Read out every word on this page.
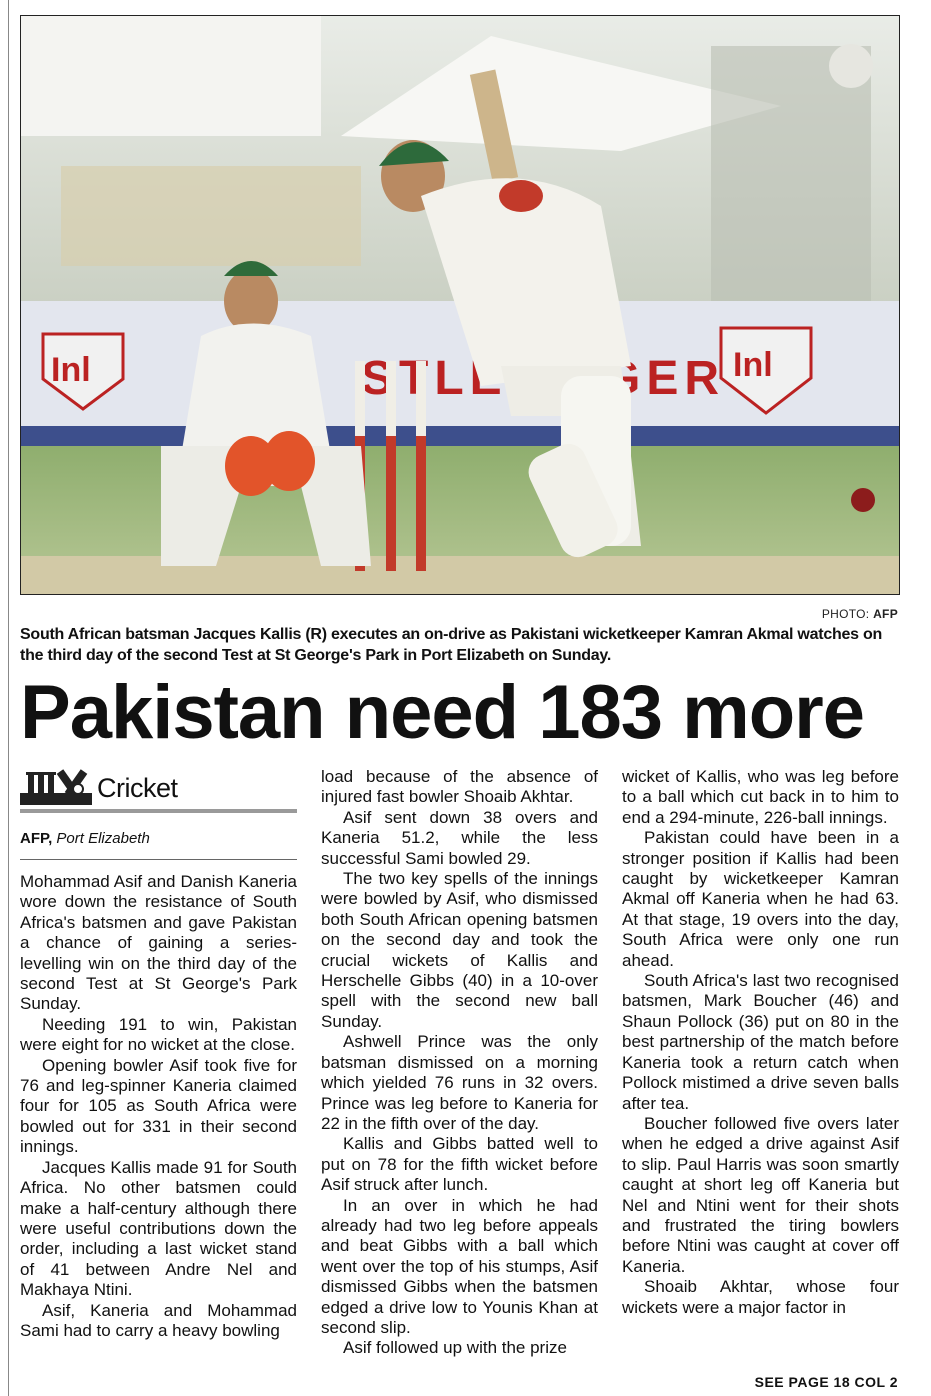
Inl	STLE LAGER Inl
PHOTO: AFP
South African batsman Jacques Kallis (R) executes an on-drive as Pakistani wicketkeeper Kamran Akmal watches on the third day of the second Test at St George's Park in Port Elizabeth on Sunday.
Pakistan need 183 more
Cricket
AFP, Port Elizabeth

Mohammad Asif and Danish Kaneria wore down the resistance of South Africa's batsmen and gave Pakistan a chance of gaining a series-levelling win on the third day of the second Test at St George's Park Sunday.

Needing 191 to win, Pakistan were eight for no wicket at the close.

Opening bowler Asif took five for 76 and leg-spinner Kaneria claimed four for 105 as South Africa were bowled out for 331 in their second innings.

Jacques Kallis made 91 for South Africa. No other batsmen could make a half-century although there were useful contributions down the order, including a last wicket stand of 41 between Andre Nel and Makhaya Ntini.

Asif, Kaneria and Mohammad Sami had to carry a heavy bowling

load because of the absence of injured fast bowler Shoaib Akhtar.

Asif sent down 38 overs and Kaneria 51.2, while the less successful Sami bowled 29.

The two key spells of the innings were bowled by Asif, who dismissed both South African opening batsmen on the second day and took the crucial wickets of Kallis and Herschelle Gibbs (40) in a 10-over spell with the second new ball Sunday.

Ashwell Prince was the only batsman dismissed on a morning which yielded 76 runs in 32 overs. Prince was leg before to Kaneria for 22 in the fifth over of the day.

Kallis and Gibbs batted well to put on 78 for the fifth wicket before Asif struck after lunch.

In an over in which he had already had two leg before appeals and beat Gibbs with a ball which went over the top of his stumps, Asif dismissed Gibbs when the batsmen edged a drive low to Younis Khan at second slip.

Asif followed up with the prize

wicket of Kallis, who was leg before to a ball which cut back in to him to end a 294-minute, 226-ball innings.

Pakistan could have been in a stronger position if Kallis had been caught by wicketkeeper Kamran Akmal off Kaneria when he had 63. At that stage, 19 overs into the day, South Africa were only one run ahead.

South Africa's last two recognised batsmen, Mark Boucher (46) and Shaun Pollock (36) put on 80 in the best partnership of the match before Kaneria took a return catch when Pollock mistimed a drive seven balls after tea.

Boucher followed five overs later when he edged a drive against Asif to slip. Paul Harris was soon smartly caught at short leg off Kaneria but Nel and Ntini went for their shots and frustrated the tiring bowlers before Ntini was caught at cover off Kaneria.

Shoaib Akhtar, whose four wickets were a major factor in

SEE PAGE 18 COL 2
